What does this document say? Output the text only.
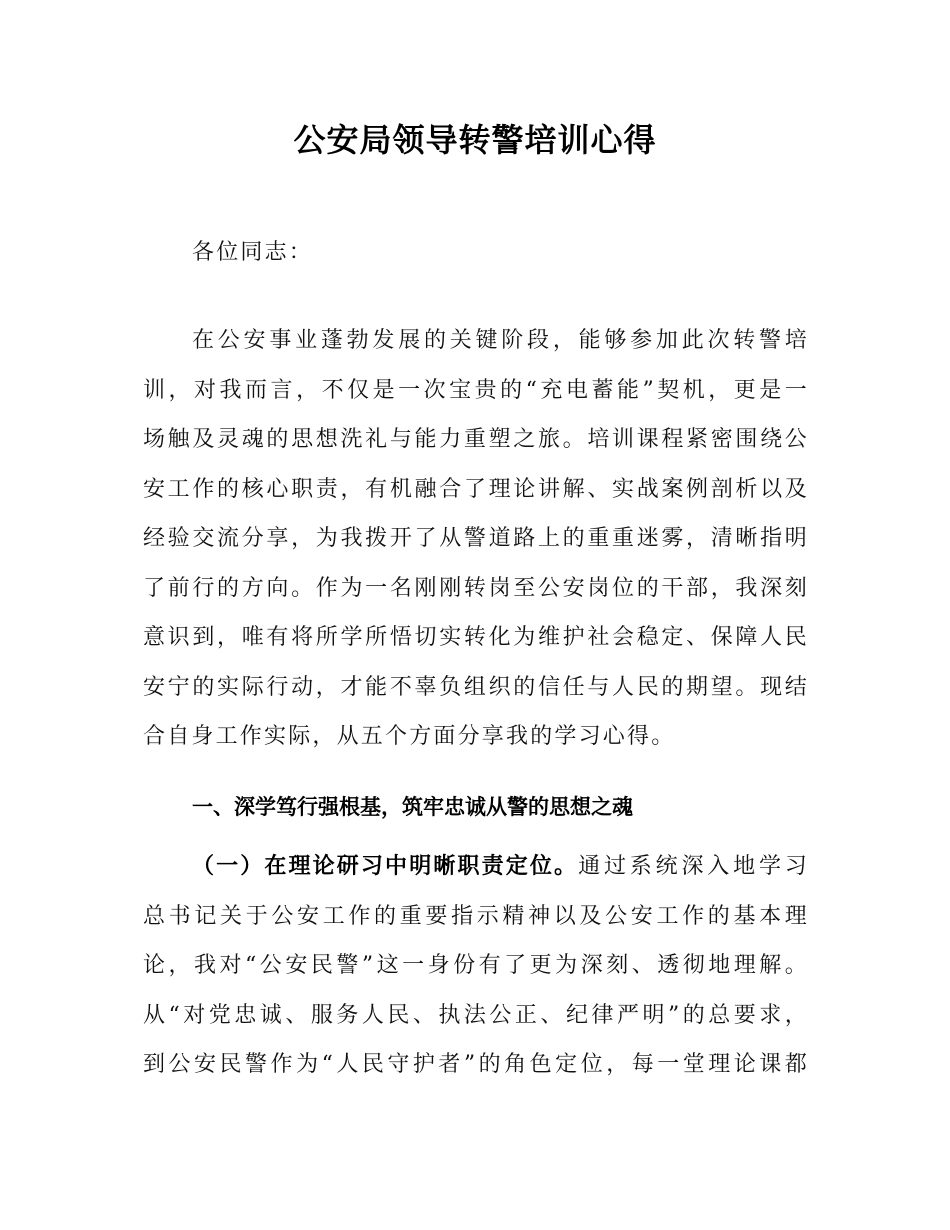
公安局领导转警培训心得
各位同志：
在公安事业蓬勃发展的关键阶段，能够参加此次转警培
训，对我而言，不仅是一次宝贵的“充电蓄能”契机，更是一
场触及灵魂的思想洗礼与能力重塑之旅。培训课程紧密围绕公
安工作的核心职责，有机融合了理论讲解、实战案例剖析以及
经验交流分享，为我拨开了从警道路上的重重迷雾，清晰指明
了前行的方向。作为一名刚刚转岗至公安岗位的干部，我深刻
意识到，唯有将所学所悟切实转化为维护社会稳定、保障人民
安宁的实际行动，才能不辜负组织的信任与人民的期望。现结
合自身工作实际，从五个方面分享我的学习心得。
一、深学笃行强根基，筑牢忠诚从警的思想之魂
（一）在理论研习中明晰职责定位。通过系统深入地学习
总书记关于公安工作的重要指示精神以及公安工作的基本理
论，我对“公安民警”这一身份有了更为深刻、透彻地理解。
从“对党忠诚、服务人民、执法公正、纪律严明”的总要求，
到公安民警作为“人民守护者”的角色定位，每一堂理论课都
